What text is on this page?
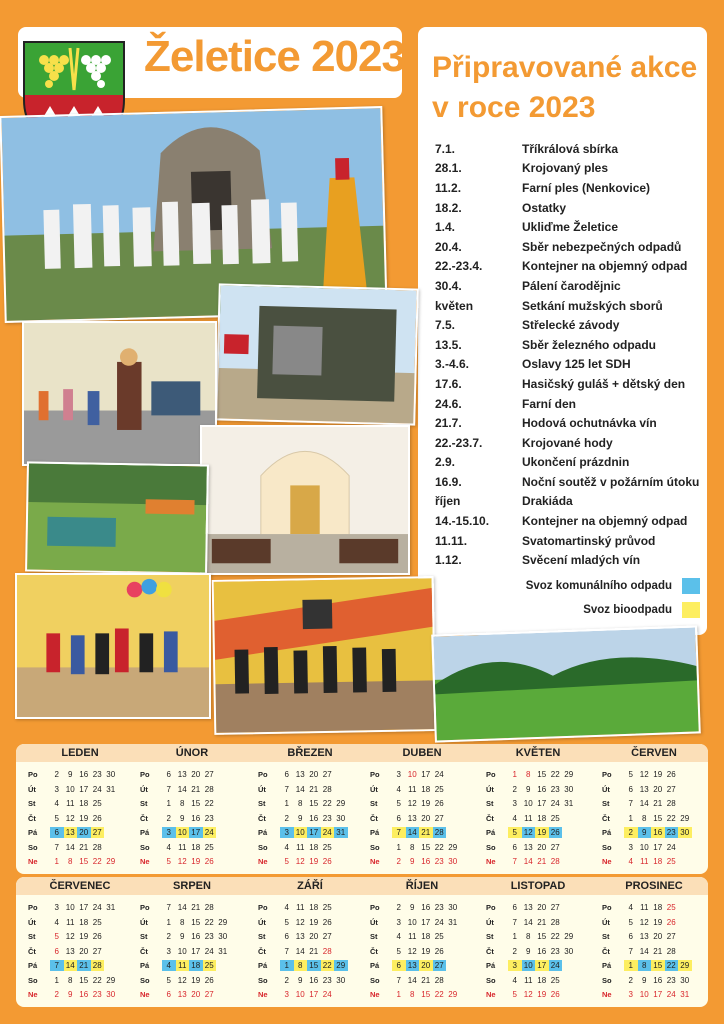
Želetice 2023 Připravované akce
v roce 2023
7.1.	Tříkrálová sbírka
28.1.	Krojovaný ples
11.2.	Farní ples (Nenkovice)
18.2.	Ostatky
1.4.	Ukliďme Želetice
20.4.	Sběr nebezpečných odpadů
22.-23.4.	Kontejner na objemný odpad
30.4.	Pálení čarodějnic
květen	Setkání mužských sborů
7.5.	Střelecké závody
13.5.	Sběr železného odpadu
3.-4.6.	Oslavy 125 let SDH
17.6.	Hasičský guláš + dětský den
24.6.	Farní den
21.7.	Hodová ochutnávka vín
22.-23.7.	Krojované hody
2.9.	Ukončení prázdnin
16.9.	Noční soutěž v požárním útoku
říjen	Drakiáda
14.-15.10.	Kontejner na objemný odpad
11.11.	Svatomartinský průvod
1.12.	Svěcení mladých vín
Svoz komunálního odpadu
Svoz bioodpadu
LEDEN
Po	2	9 16 23 30
Út	3 10 17 24 31
St	4 11 18 25
Čt	5 12 19 26
Pá	6 13 20 27
So	7 14 21 28
Ne	1	8 15 22 29
ÚNOR
Po	6 13 20 27
Út	7 14 21 28
St	1	8 15 22
Čt	2	9 16 23
Pá	3 10 17 24
So	4 11 18 25
Ne	5 12 19 26
BŘEZEN
Po	6 13 20 27
Út	7 14 21 28
St	1	8 15 22 29
Čt	2	9 16 23 30
Pá	3 10 17 24 31
So	4 11 18 25
Ne	5 12 19 26
DUBEN
Po	3 10 17 24
Út	4 11 18 25
St	5 12 19 26
Čt	6 13 20 27
Pá	7 14 21 28
So	1	8 15 22 29
Ne	2	9 16 23 30
KVĚTEN
Po	1	8 15 22 29
Út	2	9 16 23 30
St	3 10 17 24 31
Čt	4 11 18 25
Pá	5 12 19 26
So	6 13 20 27
Ne	7 14 21 28
ČERVEN
Po	5 12 19 26
Út	6 13 20 27
St	7 14 21 28
Čt	1	8 15 22 29
Pá	2	9 16 23 30
So	3 10 17 24
Ne	4 11 18 25
ČERVENEC
Po	3 10 17 24 31
Út	4 11 18 25
St	5 12 19 26
Čt	6 13 20 27
Pá	7 14 21 28
So	1	8 15 22 29
Ne	2	9 16 23 30
SRPEN
Po	7 14 21 28
Út	1	8 15 22 29
St	2	9 16 23 30
Čt	3 10 17 24 31
Pá	4 11 18 25
So	5 12 19 26
Ne	6 13 20 27
ZÁŘÍ
Po	4 11 18 25
Út	5 12 19 26
St	6 13 20 27
Čt	7 14 21 28
Pá	1	8 15 22 29
So	2	9 16 23 30
Ne	3 10 17 24
ŘÍJEN
Po	2	9 16 23 30
Út	3 10 17 24 31
St	4 11 18 25
Čt	5 12 19 26
Pá	6 13 20 27
So	7 14 21 28
Ne	1	8 15 22 29
LISTOPAD
Po	6 13 20 27
Út	7 14 21 28
St	1	8 15 22 29
Čt	2	9 16 23 30
Pá	3 10 17 24
So	4 11 18 25
Ne	5 12 19 26
PROSINEC
Po	4 11 18 25
Út	5 12 19 26
St	6 13 20 27
Čt	7 14 21 28
Pá	1	8 15 22 29
So	2	9 16 23 30
Ne	3 10 17 24 31
